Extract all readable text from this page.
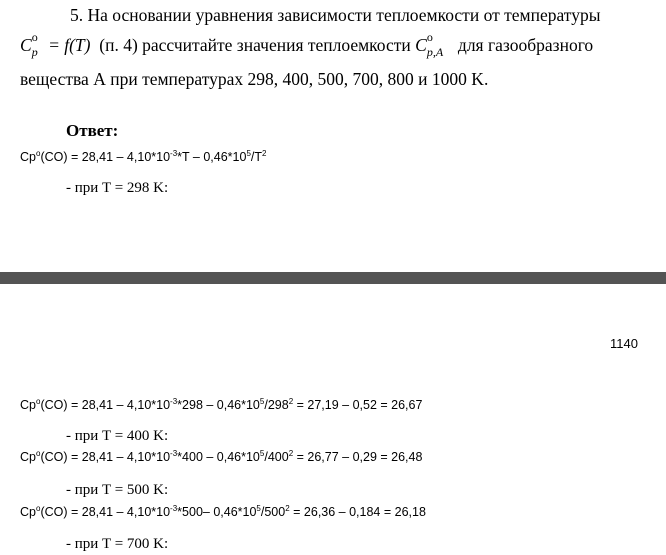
5. На основании уравнения зависимости теплоемкости от температуры
$C^o_p = f(T)$ (п. 4) рассчитайте значения теплоемкости $C^o_{p,A}$ для газообразного
вещества А при температурах 298, 400, 500, 700, 800 и 1000 K.
Ответ:
$Cp^o(CO) = 28,41 - 4,10*10^{-3}*T - 0,46*10^5/T^2$
- при T = 298 K:
1140
$Cp^o(CO) = 28,41 - 4,10*10^{-3}*298 - 0,46*10^5/298^2 = 27,19 - 0,52 = 26,67$
- при T = 400 K:
$Cp^o(CO) = 28,41 - 4,10*10^{-3}*400 - 0,46*10^5/400^2 = 26,77 - 0,29 = 26,48$
- при T = 500 K:
$Cp^o(CO) = 28,41 - 4,10*10^{-3}*500-$ $0,46*10^5/500^2 = 26,36 - 0,184 = 26,18$
- при T = 700 K:
